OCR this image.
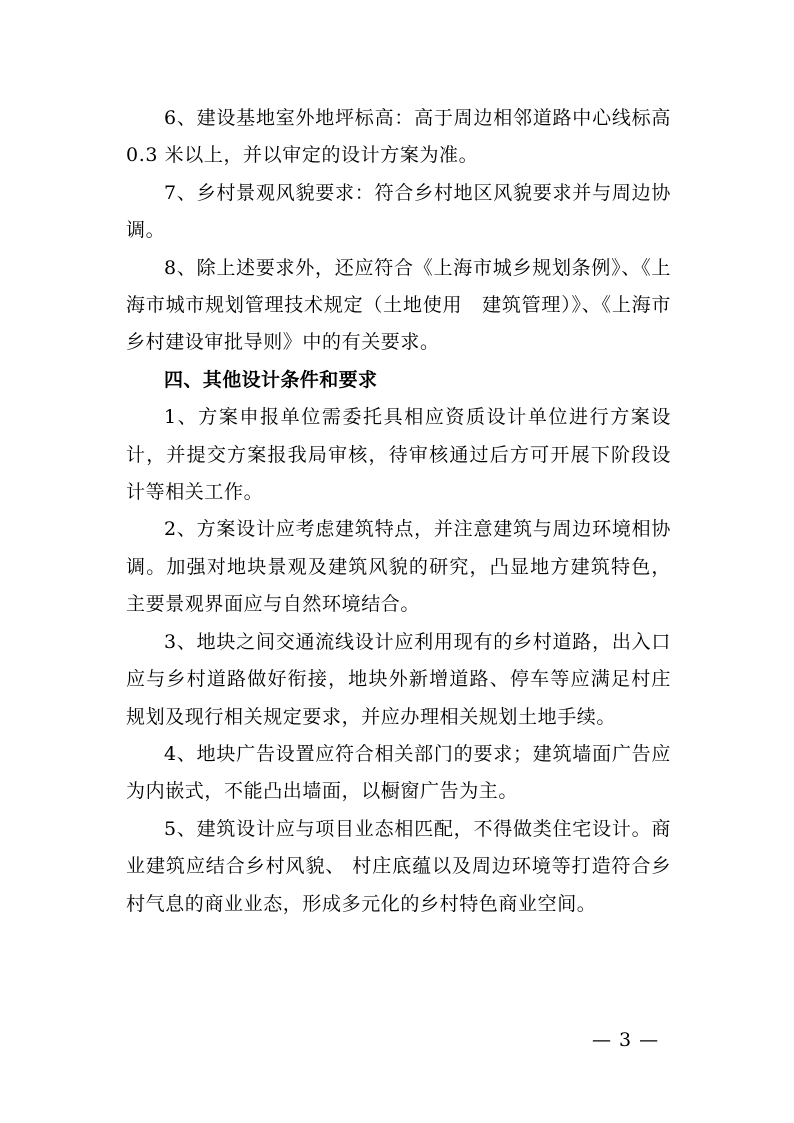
6、建设基地室外地坪标高：高于周边相邻道路中心线标高 0.3 米以上，并以审定的设计方案为准。

7、乡村景观风貌要求：符合乡村地区风貌要求并与周边协调。

8、除上述要求外，还应符合《上海市城乡规划条例》、《上海市城市规划管理技术规定（土地使用　建筑管理）》、《上海市乡村建设审批导则》中的有关要求。

四、其他设计条件和要求

1、方案申报单位需委托具相应资质设计单位进行方案设计，并提交方案报我局审核，待审核通过后方可开展下阶段设计等相关工作。

2、方案设计应考虑建筑特点，并注意建筑与周边环境相协调。加强对地块景观及建筑风貌的研究，凸显地方建筑特色，主要景观界面应与自然环境结合。

3、地块之间交通流线设计应利用现有的乡村道路，出入口应与乡村道路做好衔接，地块外新增道路、停车等应满足村庄规划及现行相关规定要求，并应办理相关规划土地手续。

4、地块广告设置应符合相关部门的要求；建筑墙面广告应为内嵌式，不能凸出墙面，以橱窗广告为主。

5、建筑设计应与项目业态相匹配，不得做类住宅设计。商业建筑应结合乡村风貌、 村庄底蕴以及周边环境等打造符合乡村气息的商业业态，形成多元化的乡村特色商业空间。

— 3 —
